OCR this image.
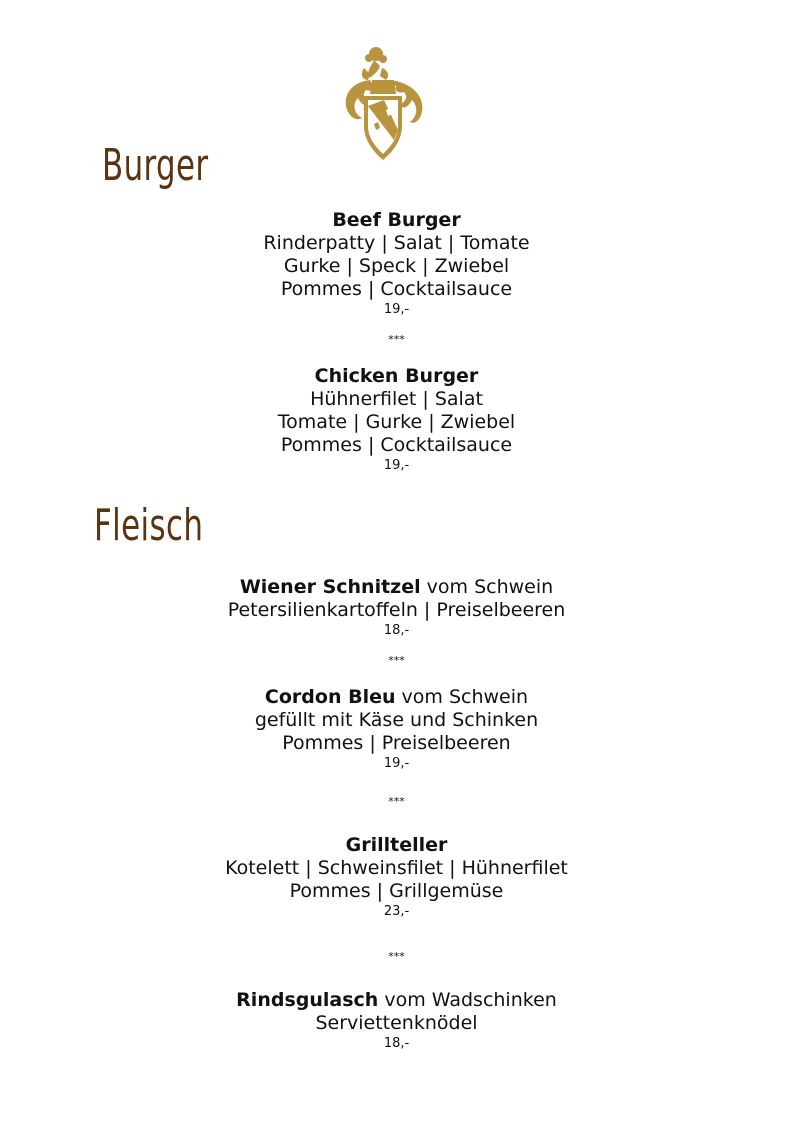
Burger
Beef Burger
Rinderpatty | Salat | Tomate
Gurke | Speck | Zwiebel
Pommes | Cocktailsauce
19,-
***
Chicken Burger
Hühnerfilet | Salat
Tomate | Gurke | Zwiebel
Pommes | Cocktailsauce
19,-
Fleisch
Wiener Schnitzel vom Schwein
Petersilienkartoffeln | Preiselbeeren
18,-
***
Cordon Bleu vom Schwein
gefüllt mit Käse und Schinken
Pommes | Preiselbeeren
19,-
***
Grillteller
Kotelett | Schweinsfilet | Hühnerfilet
Pommes | Grillgemüse
23,-
***
Rindsgulasch vom Wadschinken
Serviettenknödel
18,-
